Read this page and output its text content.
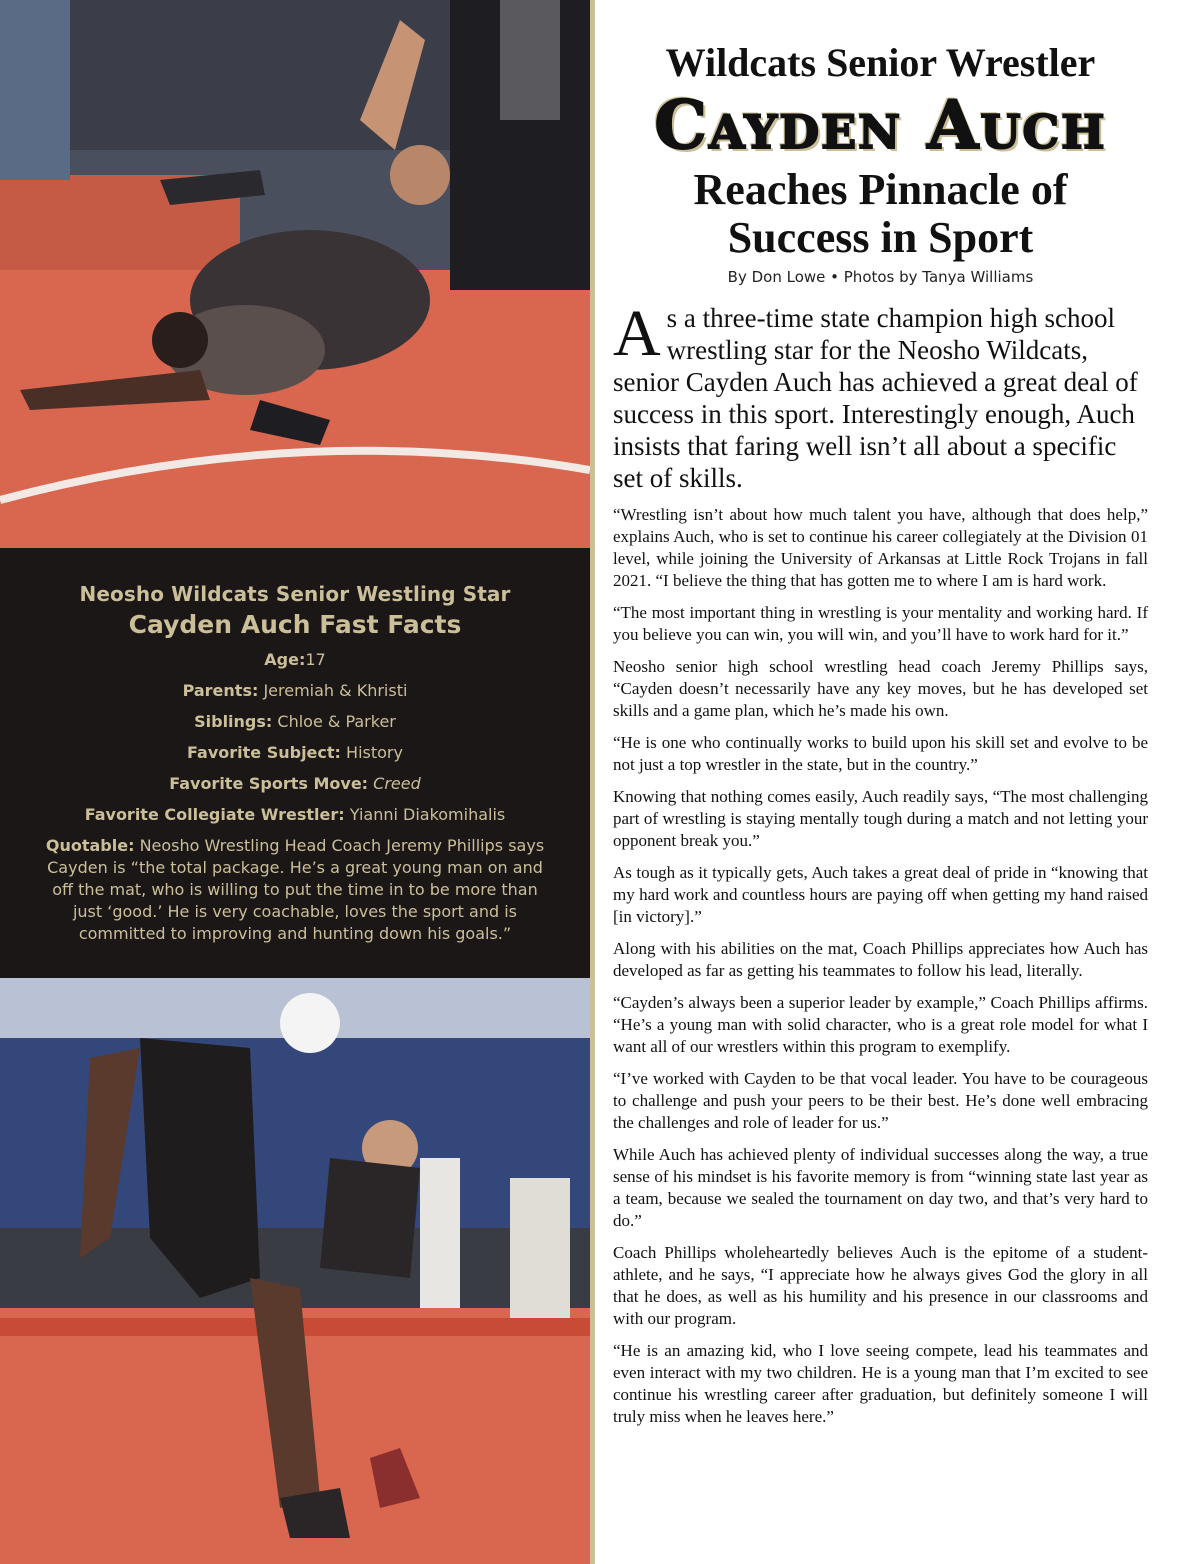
Neosho Wildcats Senior Westling Star
Cayden Auch Fast Facts
Age:17
Parents: Jeremiah & Khristi
Siblings: Chloe & Parker
Favorite Subject: History
Favorite Sports Move: Creed
Favorite Collegiate Wrestler: Yianni Diakomihalis
Quotable: Neosho Wrestling Head Coach Jeremy Phillips says Cayden is “the total package. He’s a great young man on and off the mat, who is willing to put the time in to be more than just ‘good.’ He is very coachable, loves the sport and is committed to improving and hunting down his goals.”
Wildcats Senior Wrestler
Cayden Auch
Reaches Pinnacle of
Success in Sport
By Don Lowe • Photos by Tanya Williams
As a three-time state champion high school wrestling star for the Neosho Wildcats, senior Cayden Auch has achieved a great deal of success in this sport. Interestingly enough, Auch insists that faring well isn’t all about a specific set of skills.

“Wrestling isn’t about how much talent you have, although that does help,” explains Auch, who is set to continue his career collegiately at the Division 01 level, while joining the University of Arkansas at Little Rock Trojans in fall 2021. “I believe the thing that has gotten me to where I am is hard work.

“The most important thing in wrestling is your mentality and working hard. If you believe you can win, you will win, and you’ll have to work hard for it.”

Neosho senior high school wrestling head coach Jeremy Phillips says, “Cayden doesn’t necessarily have any key moves, but he has developed set skills and a game plan, which he’s made his own.

“He is one who continually works to build upon his skill set and evolve to be not just a top wrestler in the state, but in the country.”

Knowing that nothing comes easily, Auch readily says, “The most challenging part of wrestling is staying mentally tough during a match and not letting your opponent break you.”

As tough as it typically gets, Auch takes a great deal of pride in “knowing that my hard work and countless hours are paying off when getting my hand raised [in victory].”

Along with his abilities on the mat, Coach Phillips appreciates how Auch has developed as far as getting his teammates to follow his lead, literally.

“Cayden’s always been a superior leader by example,” Coach Phillips affirms. “He’s a young man with solid character, who is a great role model for what I want all of our wrestlers within this program to exemplify.

“I’ve worked with Cayden to be that vocal leader. You have to be courageous to challenge and push your peers to be their best. He’s done well embracing the challenges and role of leader for us.”

While Auch has achieved plenty of individual successes along the way, a true sense of his mindset is his favorite memory is from “winning state last year as a team, because we sealed the tournament on day two, and that’s very hard to do.”

Coach Phillips wholeheartedly believes Auch is the epitome of a student-athlete, and he says, “I appreciate how he always gives God the glory in all that he does, as well as his humility and his presence in our classrooms and with our program.

“He is an amazing kid, who I love seeing compete, lead his teammates and even interact with my two children. He is a young man that I’m excited to see continue his wrestling career after graduation, but definitely someone I will truly miss when he leaves here.”
